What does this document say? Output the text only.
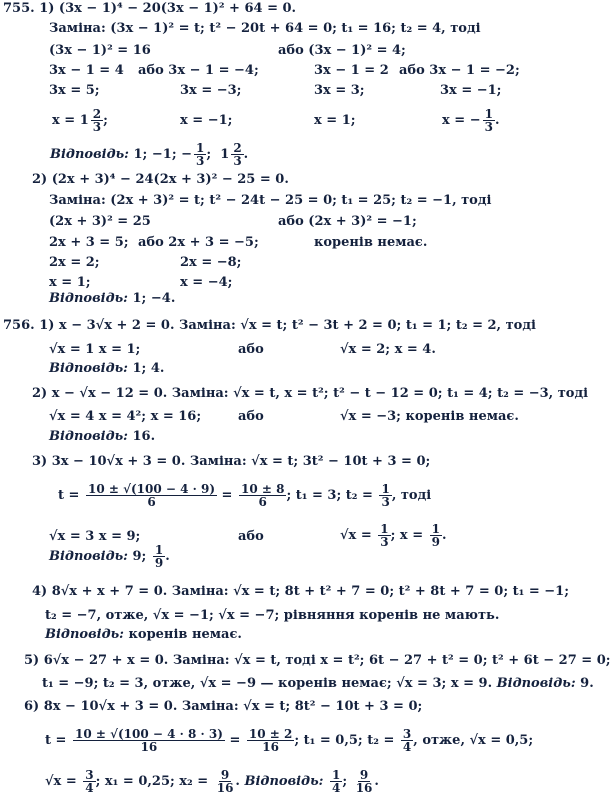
755. 1) (3x − 1)⁴ − 20(3x − 1)² + 64 = 0.
Заміна: (3x − 1)² = t; t² − 20t + 64 = 0; t₁ = 16; t₂ = 4, тоді
(3x − 1)² = 16	або (3x − 1)² = 4;
3x − 1 = 4 або 3x − 1 = −4;	3x − 1 = 2 або 3x − 1 = −2;
3x = 5;	3x = −3;	3x = 3;	3x = −1;
$x = 1 \frac{2}{3}$ ;	x = −1;	x = 1;	x = − $\frac{1}{3}$ .
Відповідь: 1; −1; − $\frac{1}{3}$ ;  $1 \frac{2}{3}$ .
2) (2x + 3)⁴ − 24(2x + 3)² − 25 = 0.
Заміна: (2x + 3)² = t; t² − 24t − 25 = 0; t₁ = 25; t₂ = −1, тоді
(2x + 3)² = 25	або (2x + 3)² = −1;
2x + 3 = 5; або 2x + 3 = −5;	коренів немає.
2x = 2;	2x = −8;
x = 1;	x = −4;
Відповідь: 1; −4.
756. 1) x − 3√x + 2 = 0. Заміна: √x = t; t² − 3t + 2 = 0; t₁ = 1; t₂ = 2, тоді
√x = 1 x = 1;	або	√x = 2; x = 4.
Відповідь: 1; 4.
2) x − √x − 12 = 0. Заміна: √x = t, x = t²; t² − t − 12 = 0; t₁ = 4; t₂ = −3, тоді
√x = 4 x = 4²; x = 16;	або	√x = −3; коренів немає.
Відповідь: 16.
3) 3x − 10√x + 3 = 0. Заміна: √x = t; 3t² − 10t + 3 = 0;
$t = \frac{10 \pm √(100 - 4 \cdot 9)}{6} = \frac{10 \pm 8}{6}$ ; t₁ = 3; $t_2 = \frac{1}{3}$ , тоді
√x = 3 x = 9;	або	$√x = \frac{1}{3}$ ; $x = \frac{1}{9}$ .
Відповідь: 9; $\frac{1}{9}$ .
4) 8√x + x + 7 = 0. Заміна: √x = t; 8t + t² + 7 = 0; t² + 8t + 7 = 0; t₁ = −1;
t₂ = −7, отже, √x = −1; √x = −7; рівняння коренів не мають.
Відповідь: коренів немає.
5) 6√x − 27 + x = 0. Заміна: √x = t, тоді x = t²; 6t − 27 + t² = 0; t² + 6t − 27 = 0;
t₁ = −9; t₂ = 3, отже, √x = −9 — коренів немає; √x = 3; x = 9. Відповідь: 9.
6) 8x − 10√x + 3 = 0. Заміна: √x = t; 8t² − 10t + 3 = 0;
$t = \frac{10 \pm √(100 - 4 \cdot 8 \cdot 3)}{16} = \frac{10 \pm 2}{16}$ ; t₁ = 0,5; $t_2 = \frac{3}{4}$ , отже, √x = 0,5;
$√x = \frac{3}{4}$ ; x₁ = 0,25; $x_2 = \frac{9}{16}$ . Відповідь: $\frac{1}{4}$ ; $\frac{9}{16}$ .
